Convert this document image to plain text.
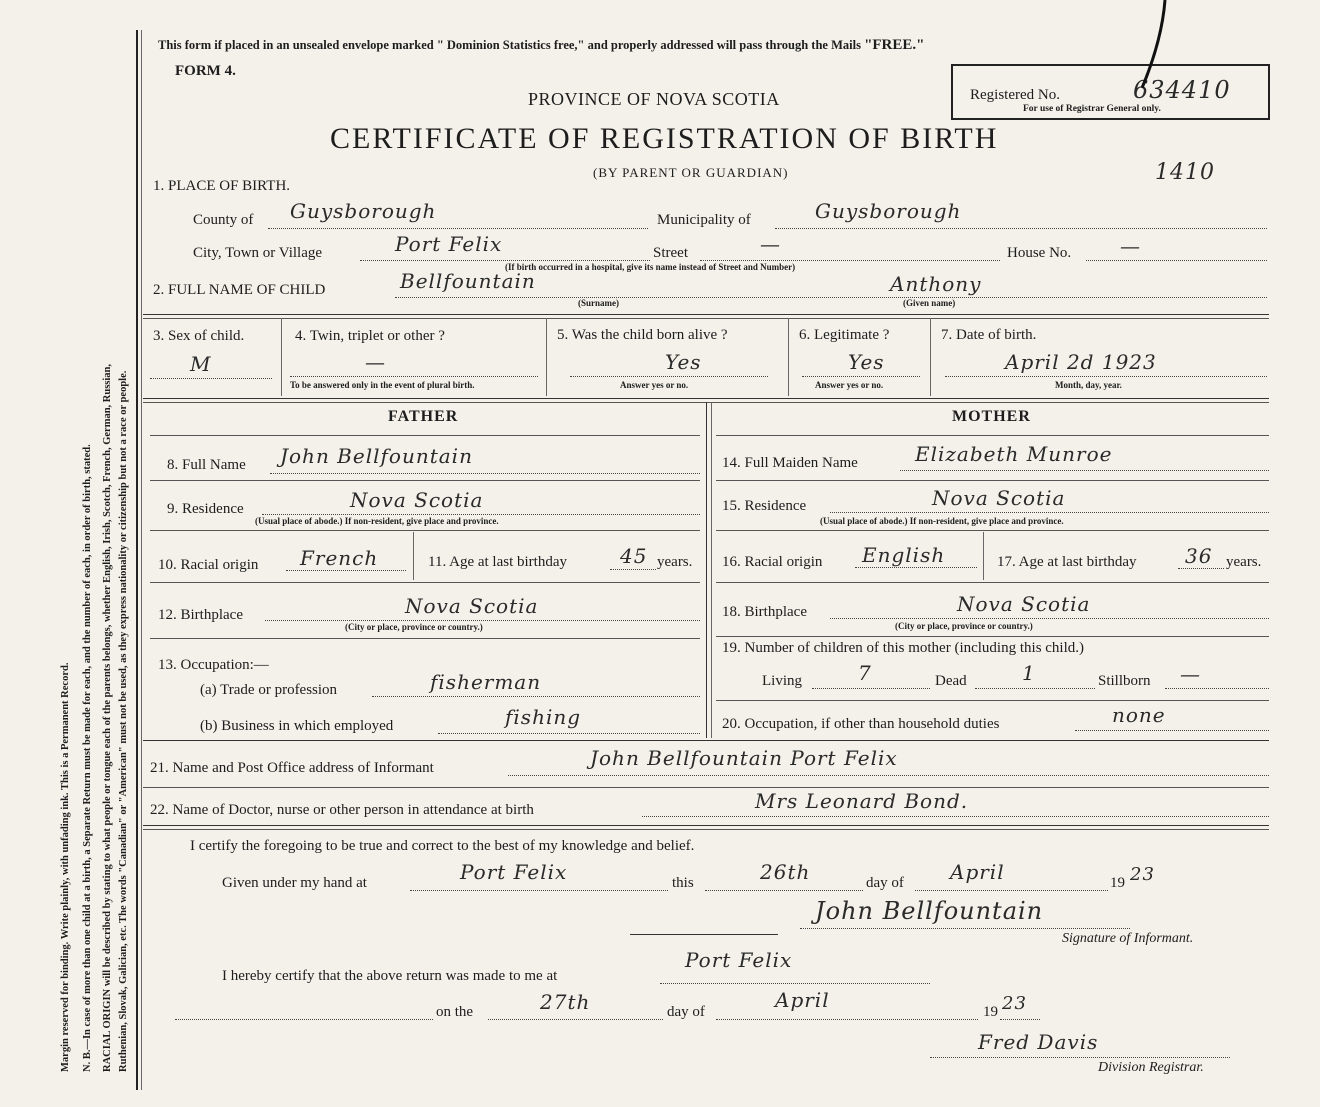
Margin reserved for binding. Write plainly, with unfading ink. This is a Permanent Record. N. B.—In case of more than one child at a birth, a Separate Return must be made for each, and the number of each, in order of birth, stated. RACIAL ORIGIN will be described by stating to what people or tongue each of the parents belongs, whether English, Irish, Scotch, French, German, Russian, Ruthenian, Slovak, Galician, etc. The words "Canadian" or "American" must not be used, as they express nationality or citizenship but not a race or people.
This form if placed in an unsealed envelope marked " Dominion Statistics free," and properly addressed will pass through the Mails "FREE."
FORM 4.
PROVINCE OF NOVA SCOTIA
CERTIFICATE OF REGISTRATION OF BIRTH
(BY PARENT OR GUARDIAN)
Registered No.	634410
For use of Registrar General only.
1410
1. PLACE OF BIRTH.
County of Guysborough	Municipality of	Guysborough
City, Town or Village	Port Felix	Street	—	House No. —
(If birth occurred in a hospital, give its name instead of Street and Number)
2. FULL NAME OF CHILD	Bellfountain
(Surname)
Anthony
(Given name)
3. Sex of child.
M
4. Twin, triplet or other ?
—
To be answered only in the event of plural birth.
5. Was the child born alive ?
Yes
Answer yes or no.
6. Legitimate ?
Yes
Answer yes or no.
7. Date of birth.
April 2d 1923
Month, day, year.
FATHER	MOTHER
8. Full Name John Bellfountain
9. Residence	Nova Scotia
(Usual place of abode.) If non-resident, give place and province.
10. Racial origin French	11. Age at last birthday	45 years.
12. Birthplace	Nova Scotia
(City or place, province or country.)
13. Occupation:—
(a) Trade or profession	fisherman
(b) Business in which employed	fishing
14. Full Maiden Name	Elizabeth Munroe
15. Residence	Nova Scotia
(Usual place of abode.) If non-resident, give place and province.
16. Racial origin English	17. Age at last birthday 36 years.
18. Birthplace	Nova Scotia
(City or place, province or country.)
19. Number of children of this mother (including this child.)
Living	7	Dead	1	Stillborn —
20. Occupation, if other than household duties	none
21. Name and Post Office address of Informant	John Bellfountain Port Felix
22. Name of Doctor, nurse or other person in attendance at birth	Mrs Leonard Bond.
I certify the foregoing to be true and correct to the best of my knowledge and belief.
Given under my hand at	Port Felix	this	26th	day of April	19 23
John Bellfountain
Signature of Informant.
I hereby certify that the above return was made to me at
Port Felix
on the	27th	day of	April	19 23
Fred Davis
Division Registrar.
